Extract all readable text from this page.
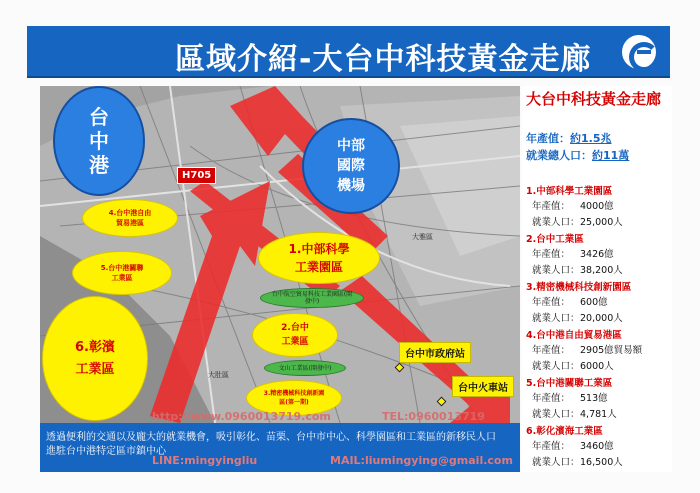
區域介紹-大台中科技黃金走廊
H705
台
中
港
中部
國際
機場
4.台中港自由
貿易港區
5.台中港關聯
工業區
6.彰濱
工業區
1.中部科學
工業園區
台中航空貿易科技工業園區(開發中)
2.台中
工業區
文山工業區(開發中)
3.精密機械科技創新園
區(第一期)
台中市政府站
台中火車站
大雅區
大肚區
http://www.0960013719.com	TEL:0960013719
大台中科技黃金走廊
年產值：約1.5兆
就業總人口：約11萬
1.中部科學工業園區
年產值： 4000億
就業人口： 25,000人
2.台中工業區
年產值： 3426億
就業人口： 38,200人
3.精密機械科技創新園區
年產值： 600億
就業人口： 20,000人
4.台中港自由貿易港區
年產值： 2905億貿易額
就業人口： 6000人
5.台中港關聯工業區
年產值： 513億
就業人口： 4,781人
6.彰化濱海工業區
年產值： 3460億
就業人口： 16,500人
透過便利的交通以及龐大的就業機會，吸引彰化、苗栗、台中市中心、科學園區和工業區的新移民人口
進駐台中港特定區市鎮中心
LINE:mingyingliu	MAIL:liumingying@gmail.com
